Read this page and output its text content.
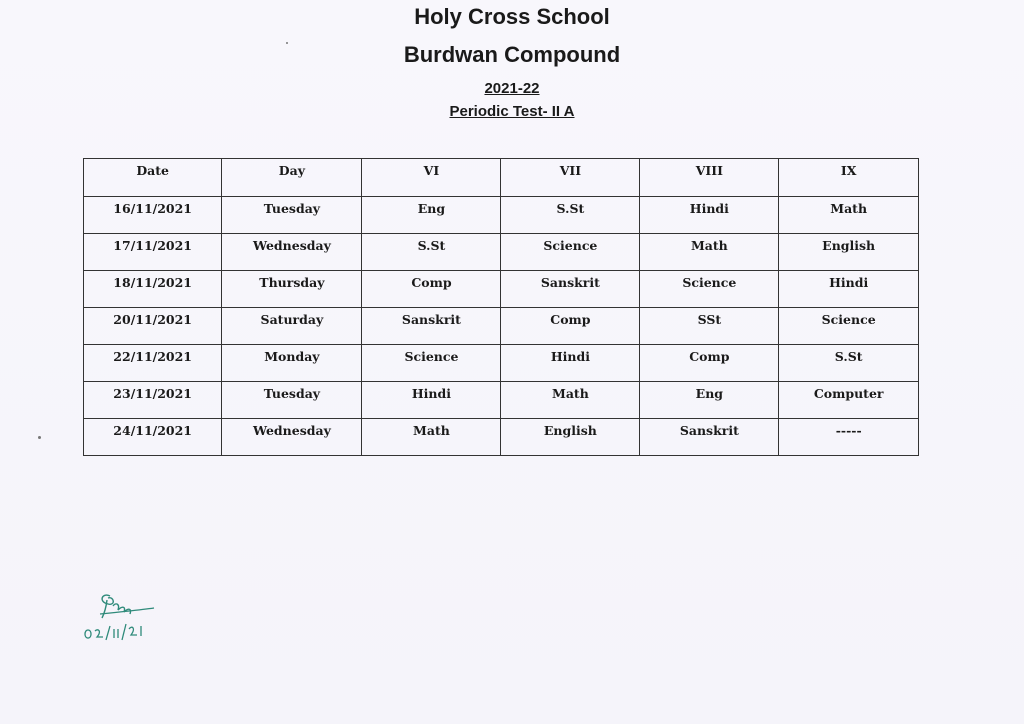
Holy Cross School
Burdwan Compound
2021-22
Periodic Test- II A
Date	Day	VI	VII	VIII	IX
16/11/2021	Tuesday	Eng	S.St	Hindi	Math
17/11/2021	Wednesday	S.St	Science	Math	English
18/11/2021	Thursday	Comp	Sanskrit	Science	Hindi
20/11/2021	Saturday	Sanskrit	Comp	SSt	Science
22/11/2021	Monday	Science	Hindi	Comp	S.St
23/11/2021	Tuesday	Hindi	Math	Eng	Computer
24/11/2021	Wednesday	Math	English	Sanskrit	-----
